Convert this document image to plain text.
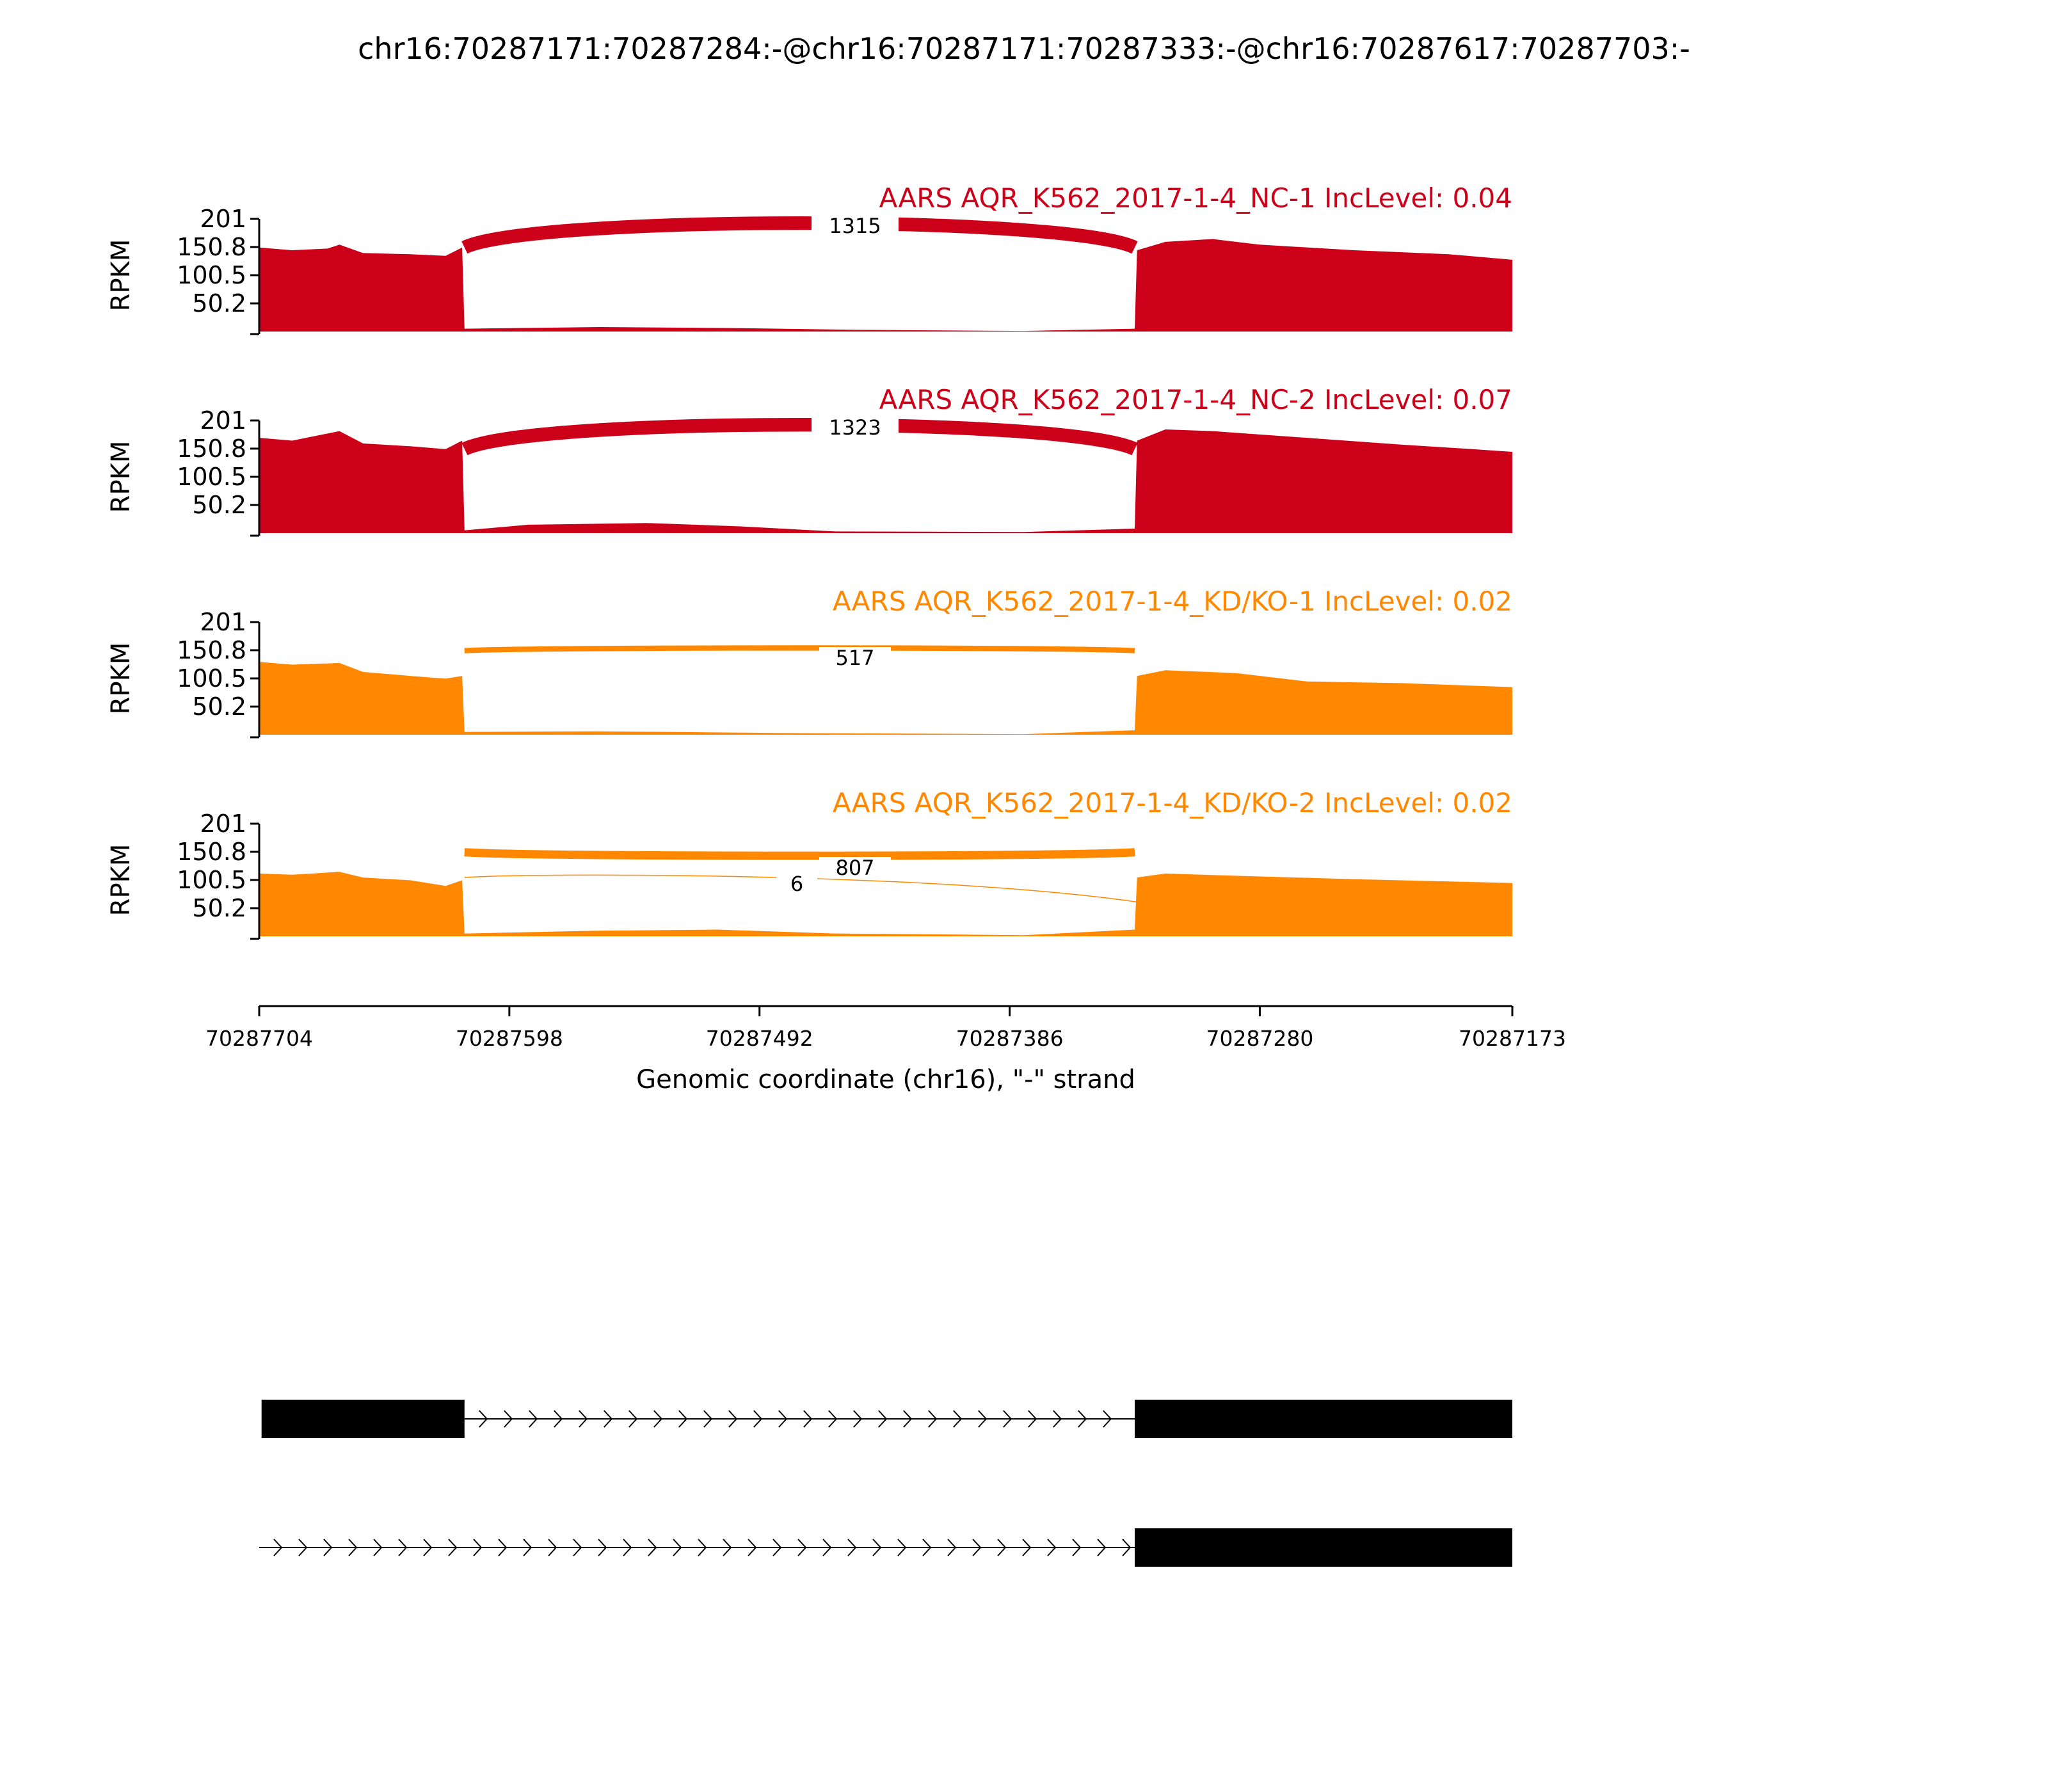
chr16:70287171:70287284:-@chr16:70287171:70287333:-@chr16:70287617:70287703:-
201
150.8
100.5
50.2
RPKM
AARS AQR_K562_2017-1-4_NC-1 IncLevel: 0.04
1315
201
150.8
100.5
50.2
RPKM
AARS AQR_K562_2017-1-4_NC-2 IncLevel: 0.07
1323
201
150.8
100.5
50.2
RPKM
AARS AQR_K562_2017-1-4_KD/KO-1 IncLevel: 0.02
517
201
150.8
100.5
50.2
RPKM
AARS AQR_K562_2017-1-4_KD/KO-2 IncLevel: 0.02
807
6
70287704	70287598	70287492	70287386	70287280	70287173
Genomic coordinate (chr16), "-" strand
